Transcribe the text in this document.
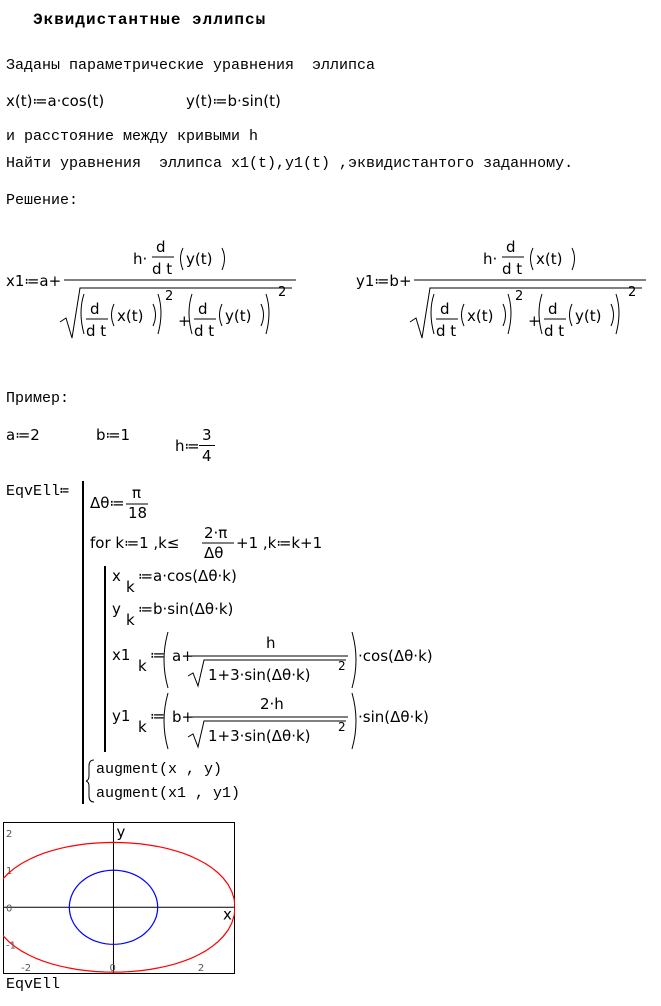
Эквидистантные эллипсы
Заданы параметрические уравнения  эллипса
x(t)≔a·cos(t)	y(t)≔b·sin(t)
и расстояние между кривыми h
Найти уравнения  эллипса x1(t),y1(t) ,эквидистантого заданному.
Решение:
x1≔a+
h·
d
d t
y(t)
d
d t
x(t)
2
+
d
d t
y(t)
2
y1≔b+
h·
d
d t
x(t)
d
d t
x(t)
2
+
d
d t
y(t)
2
Пример:
a≔2	b≔1
h≔
3
4
EqvEll≔
Δθ≔
π
18
for k≔1 ,k≤
2·π
Δθ
+1 ,k≔k+1
x
k
≔a·cos(Δθ·k)
y
k
≔b·sin(Δθ·k)
x1
k
≔ a+
h
1+3·sin(Δθ·k) 2
·cos(Δθ·k)
y1
k
≔ b+
2·h
1+3·sin(Δθ·k) 2
·sin(Δθ·k)
augment(x , y)
augment(x1 , y1)
2
1
0
-1
-2	0	2
x
y
EqvEll
